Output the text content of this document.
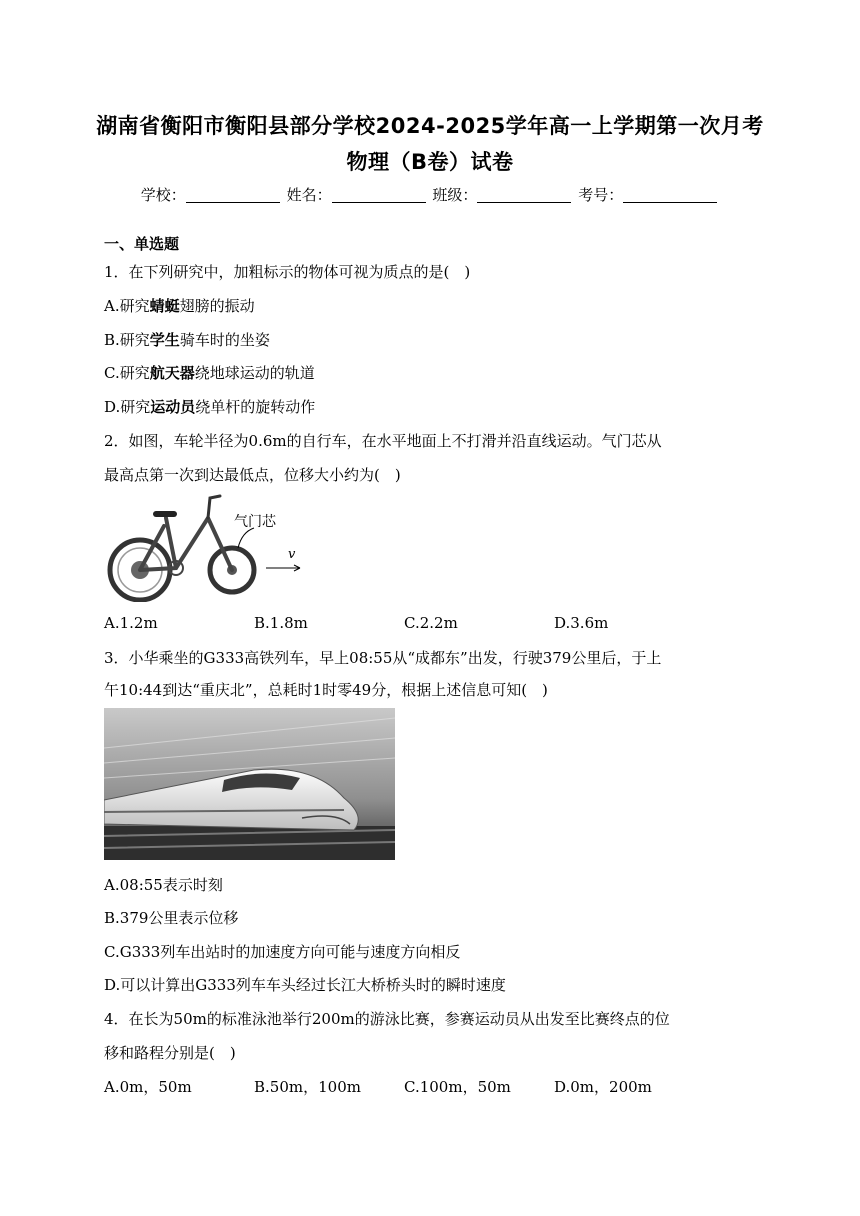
湖南省衡阳市衡阳县部分学校2024-2025学年高一上学期第一次月考
物理（B卷）试卷
学校：	姓名：	班级：	考号：
一、单选题
1．在下列研究中，加粗标示的物体可视为质点的是(　)
A.研究蜻蜓翅膀的振动
B.研究学生骑车时的坐姿
C.研究航天器绕地球运动的轨道
D.研究运动员绕单杆的旋转动作
2．如图，车轮半径为0.6m的自行车，在水平地面上不打滑并沿直线运动。气门芯从
最高点第一次到达最低点，位移大小约为(　)
气门芯
v
A.1.2m	B.1.8m	C.2.2m	D.3.6m
3．小华乘坐的G333高铁列车，早上08:55从“成都东”出发，行驶379公里后，于上
午10:44到达“重庆北”，总耗时1时零49分，根据上述信息可知(　)
A.08:55表示时刻
B.379公里表示位移
C.G333列车出站时的加速度方向可能与速度方向相反
D.可以计算出G333列车车头经过长江大桥桥头时的瞬时速度
4．在长为50m的标准泳池举行200m的游泳比赛，参赛运动员从出发至比赛终点的位
移和路程分别是(　)
A.0m，50m	B.50m，100m	C.100m，50m	D.0m，200m
